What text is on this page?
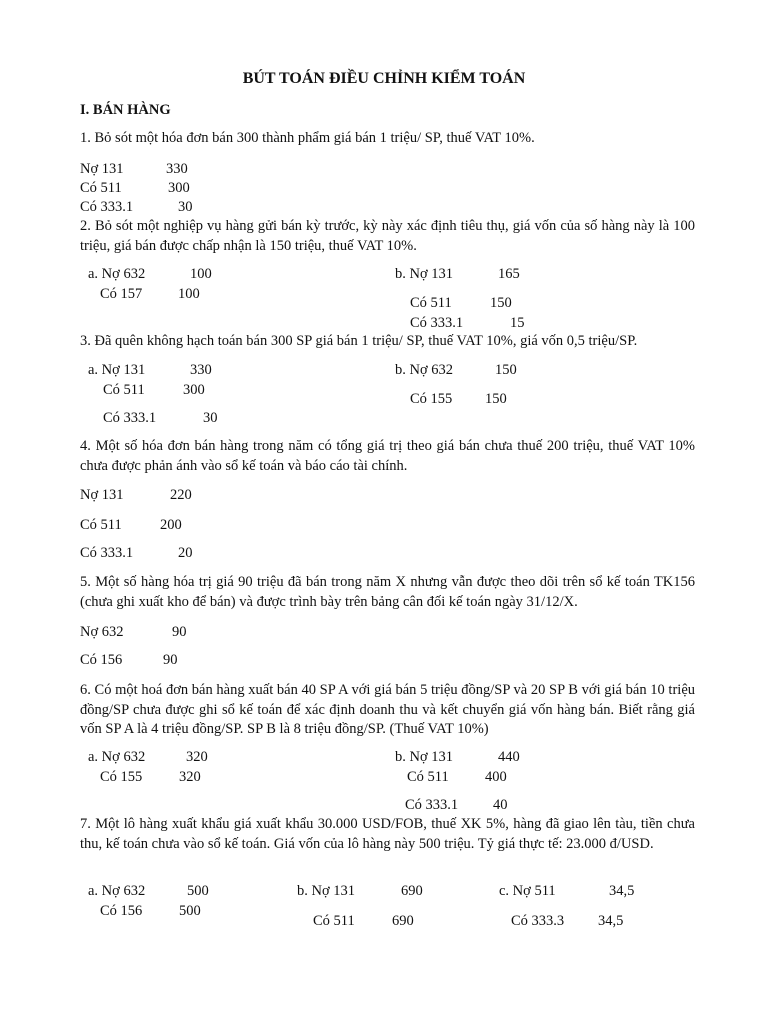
BÚT TOÁN ĐIỀU CHỈNH KIỂM TOÁN
I. BÁN HÀNG
1. Bỏ sót một hóa đơn bán 300 thành phẩm giá bán 1 triệu/ SP, thuế VAT 10%.
Nợ 131	330
Có 511	300
Có 333.1	30
2. Bỏ sót một nghiệp vụ hàng gửi bán kỳ trước, kỳ này xác định tiêu thụ, giá vốn của số hàng này là 100 triệu, giá bán được chấp nhận là 150 triệu, thuế VAT 10%.
a. Nợ 632	100
Có 157 100
b. Nợ 131	165
Có 511	150
Có 333.1	15
3. Đã quên không hạch toán bán 300 SP giá bán 1 triệu/ SP, thuế VAT 10%, giá vốn 0,5 triệu/SP.
a. Nợ 131	330
Có 511	300
Có 333.1	30
b. Nợ 632	150
Có 155 150
4. Một số hóa đơn bán hàng trong năm có tổng giá trị theo giá bán chưa thuế 200 triệu, thuế VAT 10% chưa được phản ánh vào sổ kế toán và báo cáo tài chính.
Nợ 131	220
Có 511	200
Có 333.1	20
5. Một số hàng hóa trị giá 90 triệu đã bán trong năm X nhưng vẫn được theo dõi trên sổ kế toán TK156 (chưa ghi xuất kho để bán) và được trình bày trên bảng cân đối kế toán ngày 31/12/X.
Nợ 632	90
Có 156	90
6. Có một hoá đơn bán hàng xuất bán 40 SP A với giá bán 5 triệu đồng/SP và 20 SP B với giá bán 10 triệu đồng/SP chưa được ghi sổ kế toán để xác định doanh thu và kết chuyển giá vốn hàng bán. Biết rằng giá vốn SP A là 4 triệu đồng/SP. SP B là 8 triệu đồng/SP. (Thuế VAT 10%)
a. Nợ 632	320
Có 155	320
b. Nợ 131	440
Có 511 400
Có 333.1 40
7. Một lô hàng xuất khẩu giá xuất khẩu 30.000 USD/FOB, thuế XK 5%, hàng đã giao lên tàu, tiền chưa thu, kế toán chưa vào sổ kế toán. Giá vốn của lô hàng này 500 triệu. Tỷ giá thực tế: 23.000 đ/USD.
a. Nợ 632	500
Có 156	500
b. Nợ 131	690
Có 511	690
c. Nợ 511	34,5
Có 333.3 34,5
